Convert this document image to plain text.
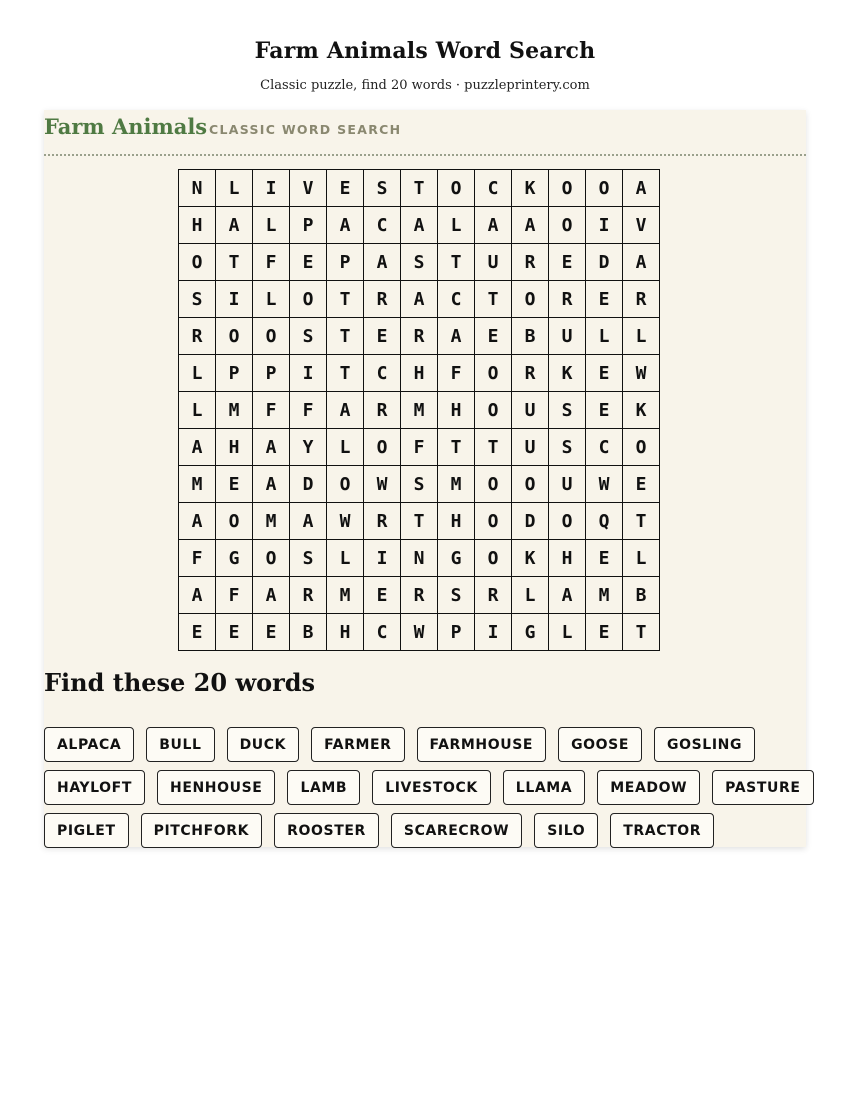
Farm Animals Word Search
Classic puzzle, find 20 words · puzzleprintery.com
Farm Animals CLASSIC WORD SEARCH
N	L	I	V	E	S	T	O	C	K	O	O	A
H	A	L	P	A	C	A	L	A	A	O	I	V
O	T	F	E	P	A	S	T	U	R	E	D	A
S	I	L	O	T	R	A	C	T	O	R	E	R
R	O	O	S	T	E	R	A	E	B	U	L	L
L	P	P	I	T	C	H	F	O	R	K	E	W
L	M	F	F	A	R	M	H	O	U	S	E	K
A	H	A	Y	L	O	F	T	T	U	S	C	O
M	E	A	D	O	W	S	M	O	O	U	W	E
A	O	M	A	W	R	T	H	O	D	O	Q	T
F	G	O	S	L	I	N	G	O	K	H	E	L
A	F	A	R	M	E	R	S	R	L	A	M	B
E	E	E	B	H	C	W	P	I	G	L	E	T
Find these 20 words
ALPACA	BULL	DUCK	FARMER	FARMHOUSE	GOOSE	GOSLING
HAYLOFT	HENHOUSE	LAMB	LIVESTOCK	LLAMA	MEADOW	PASTURE
PIGLET	PITCHFORK	ROOSTER	SCARECROW	SILO	TRACTOR
